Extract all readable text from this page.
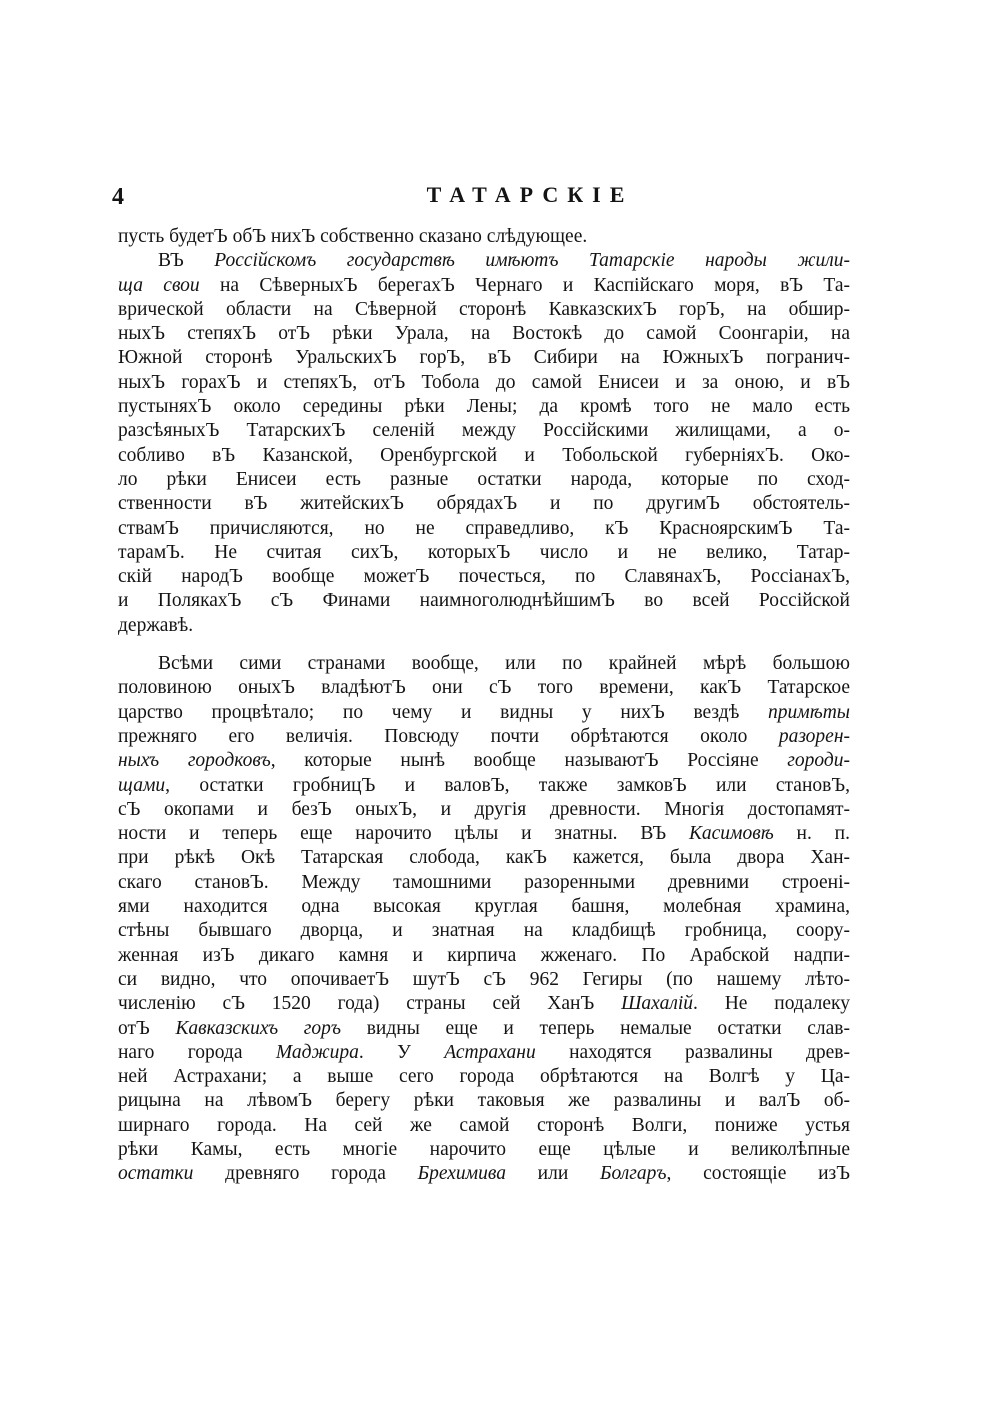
4	ТАТАРСКIЕ
пусть будетЪ обЪ нихЪ собственно сказано слѣдующее.
ВЪ Россiйскомъ государствѣ имѣютъ Татарскiе народы жили-
ща свои на СѣверныхЪ берегахЪ Чернаго и Каспiйскаго моря, вЪ Та-
врической области на Сѣверной сторонѣ КавказскихЪ горЪ, на обшир-
ныхЪ степяхЪ отЪ рѣки Урала, на Востокѣ до самой Соонгарiи, на
Южной сторонѣ УральскихЪ горЪ, вЪ Сибири на ЮжныхЪ погранич-
ныхЪ горахЪ и степяхЪ, отЪ Тобола до самой Енисеи и за оною, и вЪ
пустыняхЪ около середины рѣки Лены; да кромѣ того не мало есть
разсѣяныхЪ ТатарскихЪ селенiй между Россiйскими жилищами, а о-
собливо вЪ Казанской, Оренбургской и Тобольской губернiяхЪ. Око-
ло рѣки Енисеи есть разные остатки народа, которые по сход-
ственности вЪ житейскихЪ обрядахЪ и по другимЪ обстоятель-
ствамЪ причисляются, но не справедливо, кЪ КрасноярскимЪ Та-
тарамЪ. Не считая сихЪ, которыхЪ число и не велико, Татар-
скiй народЪ вообще можетЪ почесться, по СлавянахЪ, РоссiанахЪ,
и ПолякахЪ сЪ Финами наимноголюднѣйшимЪ во всей Россiйской
державѣ.
Всѣми сими странами вообще, или по крайней мѣрѣ большою
половиною оныхЪ владѣютЪ они сЪ того времени, какЪ Татарское
царство процвѣтало; по чему и видны у нихЪ вездѣ примѣты
прежняго его величiя. Повсюду почти обрѣтаются около разорен-
ныхъ городковъ, которые нынѣ вообще называютЪ Россiяне городи-
щами, остатки гробницЪ и валовЪ, также замковЪ или становЪ,
сЪ окопами и безЪ оныхЪ, и другiя древности. Многiя достопамят-
ности и теперь еще нарочито цѣлы и знатны. ВЪ Касимовѣ н. п.
при рѣкѣ Окѣ Татарская слобода, какЪ кажется, была двора Хан-
скаго становЪ. Между тамошними разоренными древними строенi-
ями находится одна высокая круглая башня, молебная храмина,
стѣны бывшаго дворца, и знатная на кладбищѣ гробница, соору-
женная изЪ дикаго камня и кирпича жженаго. По Арабской надпи-
си видно, что опочиваетЪ шутЪ сЪ 962 Гегиры (по нашему лѣто-
численiю сЪ 1520 года) страны сей ХанЪ Шахалiй. Не подалеку
отЪ Кавказскихъ горъ видны еще и теперь немалые остатки слав-
наго города Маджира. У Астрахани находятся развалины древ-
ней Астрахани; а выше сего города обрѣтаются на Волгѣ у Ца-
рицына на лѣвомЪ берегу рѣки таковыя же развалины и валЪ об-
ширнаго города. На сей же самой сторонѣ Волги, пониже устья
рѣки Камы, есть многiе нарочито еще цѣлые и великолѣпные
остатки древняго города Брехимива или Болгаръ, состоящiе изЪ
